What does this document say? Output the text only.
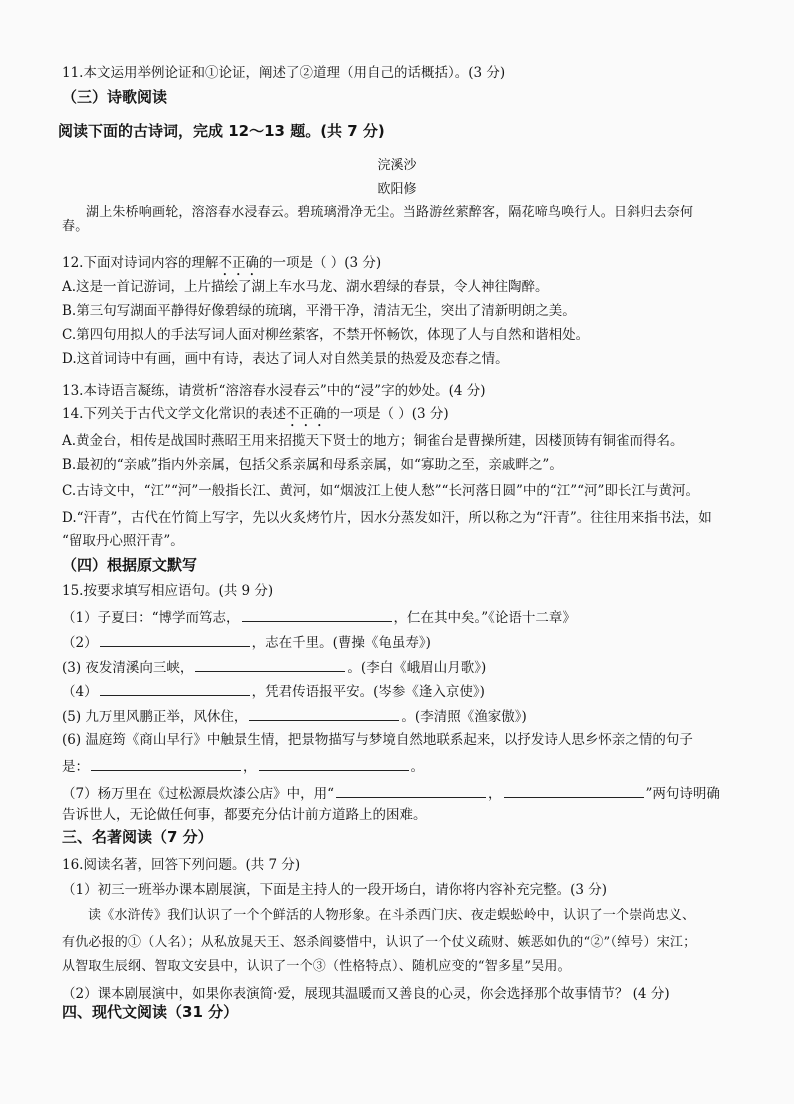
11.本文运用举例论证和①论证，阐述了②道理（用自己的话概括）。(3 分)
（三）诗歌阅读
阅读下面的古诗词，完成 12～13 题。(共 7 分)
浣溪沙
欧阳修
湖上朱桥响画轮，溶溶春水浸春云。碧琉璃滑净无尘。当路游丝萦醉客，隔花啼鸟唤行人。日斜归去奈何
春。
12.下面对诗词内容的理解不正确的一项是（ ）(3 分)
A.这是一首记游词，上片描绘了湖上车水马龙、湖水碧绿的春景，令人神往陶醉。
B.第三句写湖面平静得好像碧绿的琉璃，平滑干净，清洁无尘，突出了清新明朗之美。
C.第四句用拟人的手法写词人面对柳丝萦客，不禁开怀畅饮，体现了人与自然和谐相处。
D.这首词诗中有画，画中有诗，表达了词人对自然美景的热爱及恋春之情。
13.本诗语言凝练，请赏析“溶溶春水浸春云”中的“浸”字的妙处。(4 分)
14.下列关于古代文学文化常识的表述不正确的一项是（ ）(3 分)
A.黄金台，相传是战国时燕昭王用来招揽天下贤士的地方；铜雀台是曹操所建，因楼顶铸有铜雀而得名。
B.最初的“亲戚”指内外亲属，包括父系亲属和母系亲属，如“寡助之至，亲戚畔之”。
C.古诗文中，“江”“河”一般指长江、黄河，如“烟波江上使人愁”“长河落日圆”中的“江”“河”即长江与黄河。
D.“汗青”，古代在竹简上写字，先以火炙烤竹片，因水分蒸发如汗，所以称之为“汗青”。往往用来指书法，如
“留取丹心照汗青”。
（四）根据原文默写
15.按要求填写相应语句。(共 9 分)
（1）子夏曰：“博学而笃志，	，仁在其中矣。”《论语十二章》
（2）	，志在千里。(曹操《龟虽寿》)
(3) 夜发清溪向三峡，	。(李白《峨眉山月歌》)
（4）	，凭君传语报平安。(岑参《逢入京使》)
(5) 九万里风鹏正举，风休住，	。(李清照《渔家傲》)
(6) 温庭筠《商山早行》中触景生情，把景物描写与梦境自然地联系起来，以抒发诗人思乡怀亲之情的句子
是：	，	。
（7）杨万里在《过松源晨炊漆公店》中，用“	，	”两句诗明确
告诉世人，无论做任何事，都要充分估计前方道路上的困难。
三、名著阅读（7 分）
16.阅读名著，回答下列问题。(共 7 分)
（1）初三一班举办课本剧展演，下面是主持人的一段开场白，请你将内容补充完整。(3 分)
读《水浒传》我们认识了一个个鲜活的人物形象。在斗杀西门庆、夜走蜈蚣岭中，认识了一个崇尚忠义、
有仇必报的①（人名）；从私放晁天王、怒杀阎婆惜中，认识了一个仗义疏财、嫉恶如仇的“②”（绰号）宋江；
从智取生辰纲、智取文安县中，认识了一个③（性格特点）、随机应变的“智多星”吴用。
（2）课本剧展演中，如果你表演简·爱，展现其温暖而又善良的心灵，你会选择那个故事情节？ (4 分)
四、现代文阅读（31 分）
